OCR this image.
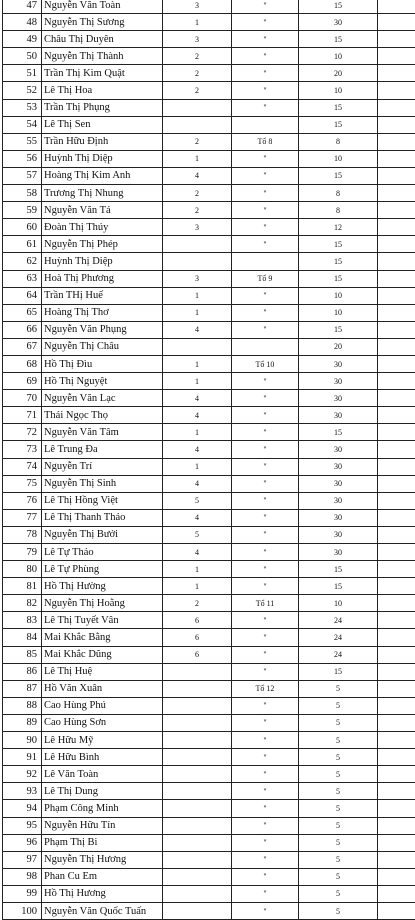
47	Nguyễn Văn Toàn	3	"	15	
48	Nguyễn Thị Sương	1	"	30	
49	Châu Thị Duyên	3	"	15	
50	Nguyễn Thị Thành	2	"	10	
51	Trần Thị Kim Quật	2	"	20	
52	Lê Thị Hoa	2	"	10	
53	Trần Thị Phụng		"	15	
54	Lê Thị Sen			15	
55	Trần Hữu Định	2	Tổ 8	8	
56	Huỳnh Thị Diệp	1	"	10	
57	Hoàng Thị Kim Anh	4	"	15	
58	Trương Thị Nhung	2	"	8	
59	Nguyễn Văn Tá	2	"	8	
60	Đoàn Thị Thúy	3	"	12	
61	Nguyễn Thị Phép		"	15	
62	Huỳnh Thị Diệp			15	
63	Hoà Thị Phương	3	Tổ 9	15	
64	Trần THị Huế	1	"	10	
65	Hoàng Thị Thơ	1	"	10	
66	Nguyễn Văn Phụng	4	"	15	
67	Nguyễn Thị Châu			20	
68	Hồ Thị Đìu	1	Tổ 10	30	
69	Hồ Thị Nguyệt	1	"	30	
70	Nguyễn Văn Lạc	4	"	30	
71	Thái Ngọc Thọ	4	"	30	
72	Nguyễn Văn Tâm	1	"	15	
73	Lê Trung Đa	4	"	30	
74	Nguyễn Trí	1	"	30	
75	Nguyễn Thị Sinh	4	"	30	
76	Lê Thị Hồng Việt	5	"	30	
77	Lê Thị Thanh Thảo	4	"	30	
78	Nguyễn Thị Bưởi	5	"	30	
79	Lê Tự Thảo	4	"	30	
80	Lê Tự Phùng	1	"	15	
81	Hồ Thị Hường	1	"	15	
82	Nguyễn Thị Hoằng	2	Tổ 11	10	
83	Lê Thị Tuyết Vân	6	"	24	
84	Mai Khắc Bằng	6	"	24	
85	Mai Khắc Dũng	6	"	24	
86	Lê Thị Huệ		"	15	
87	Hồ Văn Xuân		Tổ 12	5	
88	Cao Hùng Phú		"	5	
89	Cao Hùng Sơn		"	5	
90	Lê Hữu Mỹ		"	5	
91	Lê Hữu Bình		"	5	
92	Lê Văn Toàn		"	5	
93	Lê Thị Dung		"	5	
94	Phạm Công Minh		"	5	
95	Nguyễn Hữu Tín		"	5	
96	Phạm Thị Bi		"	5	
97	Nguyễn Thị Hương		"	5	
98	Phan Cu Em		"	5	
99	Hồ Thị Hương		"	5	
100	Nguyễn Văn Quốc Tuấn		"	5	
